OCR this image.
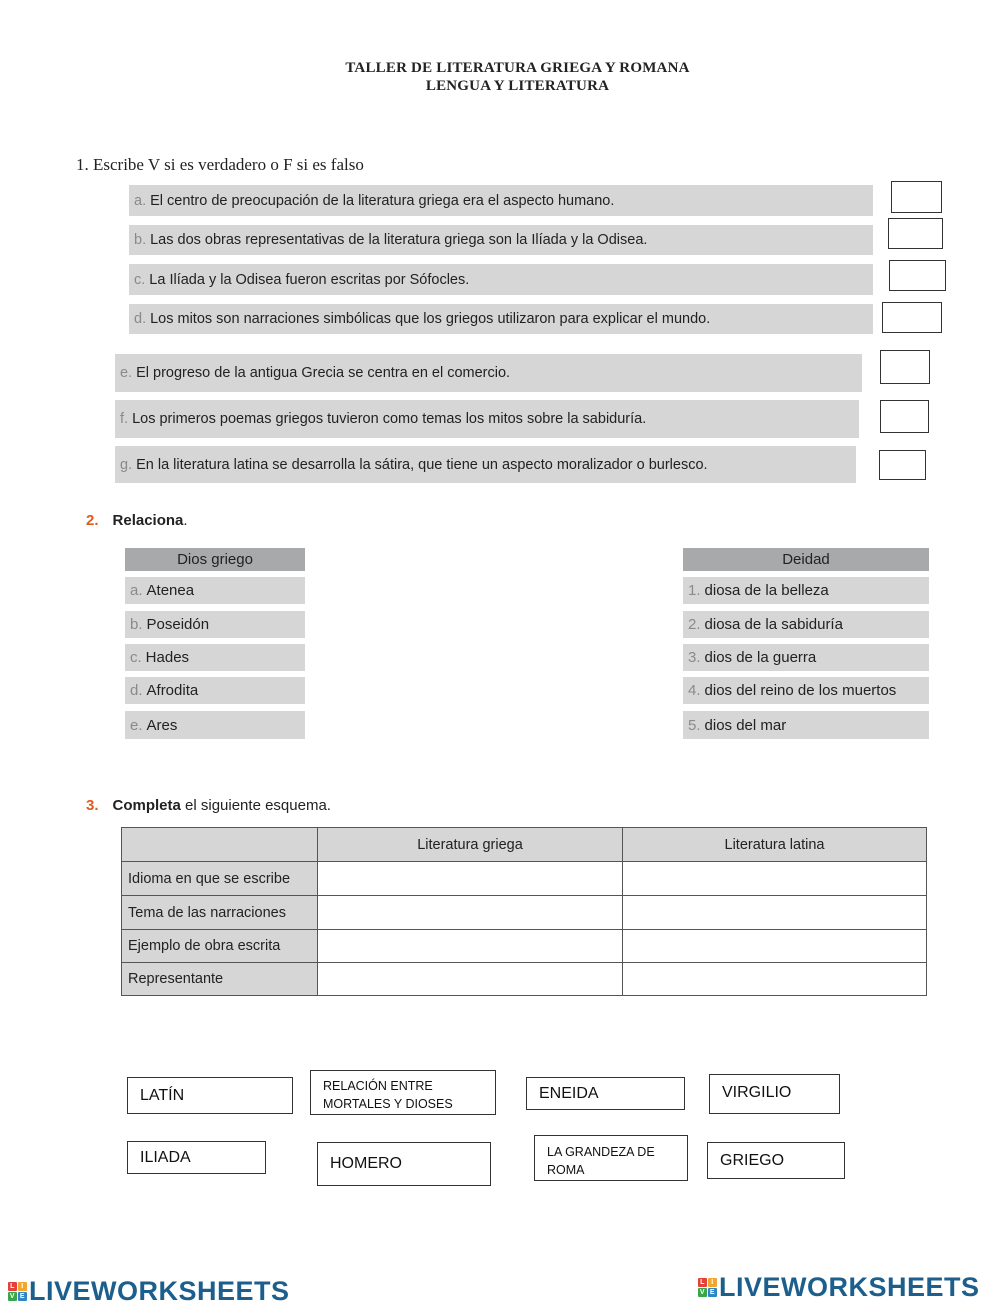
TALLER DE LITERATURA GRIEGA Y ROMANA
LENGUA Y LITERATURA
1. Escribe V si es verdadero o F si es falso
a. El centro de preocupación de la literatura griega era el aspecto humano.
b. Las dos obras representativas de la literatura griega son la Ilíada y la Odisea.
c. La Ilíada y la Odisea fueron escritas por Sófocles.
d. Los mitos son narraciones simbólicas que los griegos utilizaron para explicar el mundo.
e. El progreso de la antigua Grecia se centra en el comercio.
f. Los primeros poemas griegos tuvieron como temas los mitos sobre la sabiduría.
g. En la literatura latina se desarrolla la sátira, que tiene un aspecto moralizador o burlesco.
2. Relaciona.
Dios griego
a. Atenea
b. Poseidón
c. Hades
d. Afrodita
e. Ares
Deidad
1. diosa de la belleza
2. diosa de la sabiduría
3. dios de la guerra
4. dios del reino de los muertos
5. dios del mar
3. Completa el siguiente esquema.
	Literatura griega	Literatura latina
Idioma en que se escribe		
Tema de las narraciones		
Ejemplo de obra escrita		
Representante		
LATÍN
RELACIÓN ENTRE MORTALES Y DIOSES
ENEIDA	VIRGILIO
ILIADA	HOMERO
LA GRANDEZA DE ROMA
GRIEGO
L I
V E LIVEWORKSHEETS	L I
V E LIVEWORKSHEETS
